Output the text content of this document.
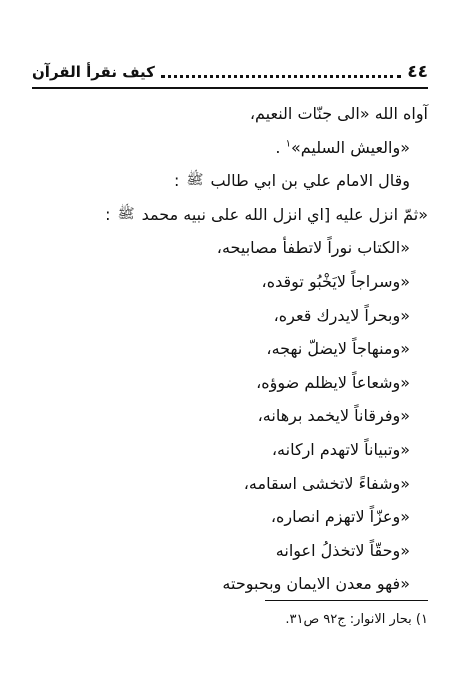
٤٤
كيف نقرأ القرآن
آواه الله «الى جنّات النعيم،
«والعيش السليم»$^١$ .
وقال الامام علي بن ابي طالب ﷺ :
«ثمّ انزل عليه [اي انزل الله على نبيه محمد ﷺ :
«الكتاب نوراً لاتطفأ مصابيحه،
«وسراجاً لايَخْبُو توقده،
«وبحراً لايدرك قعره،
«ومنهاجاً لايضلّ نهجه،
«وشعاعاً لايظلم ضوؤه،
«وفرقاناً لايخمد برهانه،
«وتبياناً لاتهدم اركانه،
«وشفاءً لاتخشى اسقامه،
«وعزّاً لاتهزم انصاره،
«وحقّاً لاتخذلُ اعوانه
«فهو معدن الايمان وبحبوحته
١) بحار الانوار: ج٩٢ ص٣١.
